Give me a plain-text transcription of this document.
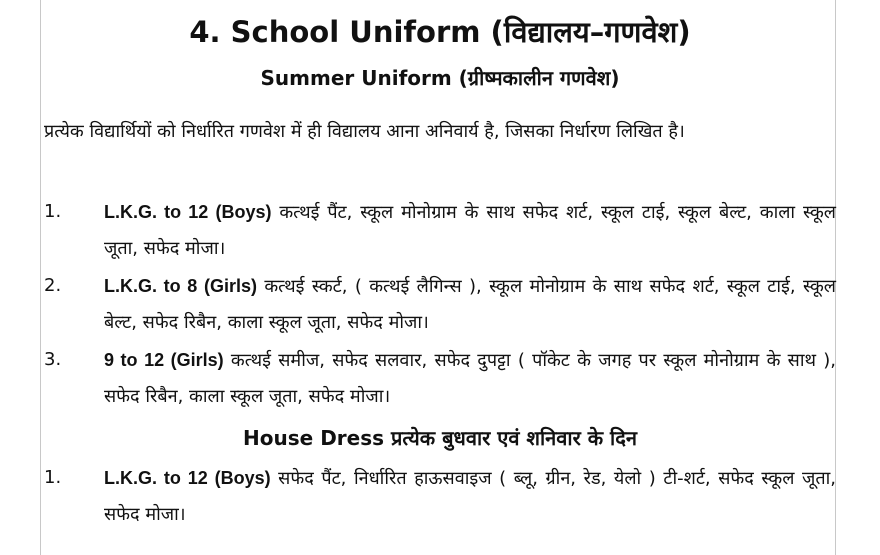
4. School Uniform (विद्यालय–गणवेश)
Summer Uniform (ग्रीष्मकालीन गणवेश)
प्रत्येक विद्यार्थियों को निर्धारित गणवेश में ही विद्यालय आना अनिवार्य है, जिसका निर्धारण लिखित है।
1.	L.K.G. to 12 (Boys) कत्थई पैंट, स्कूल मोनोग्राम के साथ सफेद शर्ट, स्कूल टाई, स्कूल बेल्ट, काला स्कूल जूता, सफेद मोजा।
2.	L.K.G. to 8 (Girls) कत्थई स्कर्ट, ( कत्थई लैगिन्स ), स्कूल मोनोग्राम के साथ सफेद शर्ट, स्कूल टाई, स्कूल बेल्ट, सफेद रिबैन, काला स्कूल जूता, सफेद मोजा।
3.	9 to 12 (Girls) कत्थई समीज, सफेद सलवार, सफेद दुपट्टा ( पॉकेट के जगह पर स्कूल मोनोग्राम के साथ ), सफेद रिबैन, काला स्कूल जूता, सफेद मोजा।
House Dress प्रत्येक बुधवार एवं शनिवार के दिन
1.	L.K.G. to 12 (Boys) सफेद पैंट, निर्धारित हाऊसवाइज ( ब्लू, ग्रीन, रेड, येलो ) टी-शर्ट, सफेद स्कूल जूता, सफेद मोजा।
